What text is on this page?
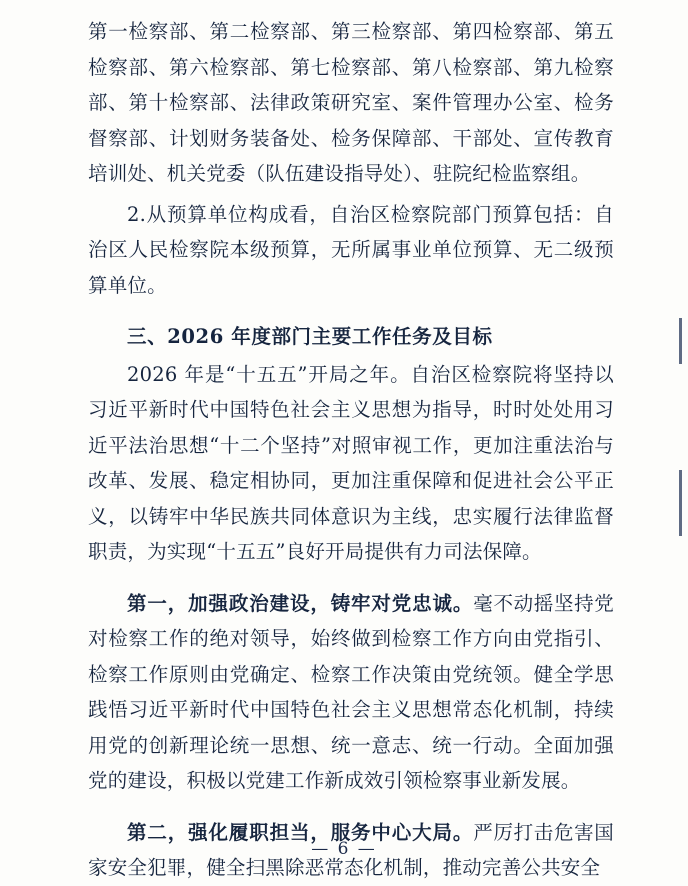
第一检察部、第二检察部、第三检察部、第四检察部、第五检察部、第六检察部、第七检察部、第八检察部、第九检察部、第十检察部、法律政策研究室、案件管理办公室、检务督察部、计划财务装备处、检务保障部、干部处、宣传教育培训处、机关党委（队伍建设指导处）、驻院纪检监察组。

2.从预算单位构成看，自治区检察院部门预算包括：自治区人民检察院本级预算，无所属事业单位预算、无二级预算单位。

三、2026 年度部门主要工作任务及目标

2026 年是“十五五”开局之年。自治区检察院将坚持以习近平新时代中国特色社会主义思想为指导，时时处处用习近平法治思想“十二个坚持”对照审视工作，更加注重法治与改革、发展、稳定相协同，更加注重保障和促进社会公平正义，以铸牢中华民族共同体意识为主线，忠实履行法律监督职责，为实现“十五五”良好开局提供有力司法保障。

第一，加强政治建设，铸牢对党忠诚。毫不动摇坚持党对检察工作的绝对领导，始终做到检察工作方向由党指引、检察工作原则由党确定、检察工作决策由党统领。健全学思践悟习近平新时代中国特色社会主义思想常态化机制，持续用党的创新理论统一思想、统一意志、统一行动。全面加强党的建设，积极以党建工作新成效引领检察事业新发展。

第二，强化履职担当，服务中心大局。严厉打击危害国家安全犯罪，健全扫黑除恶常态化机制，推动完善公共安全

— 6 —
